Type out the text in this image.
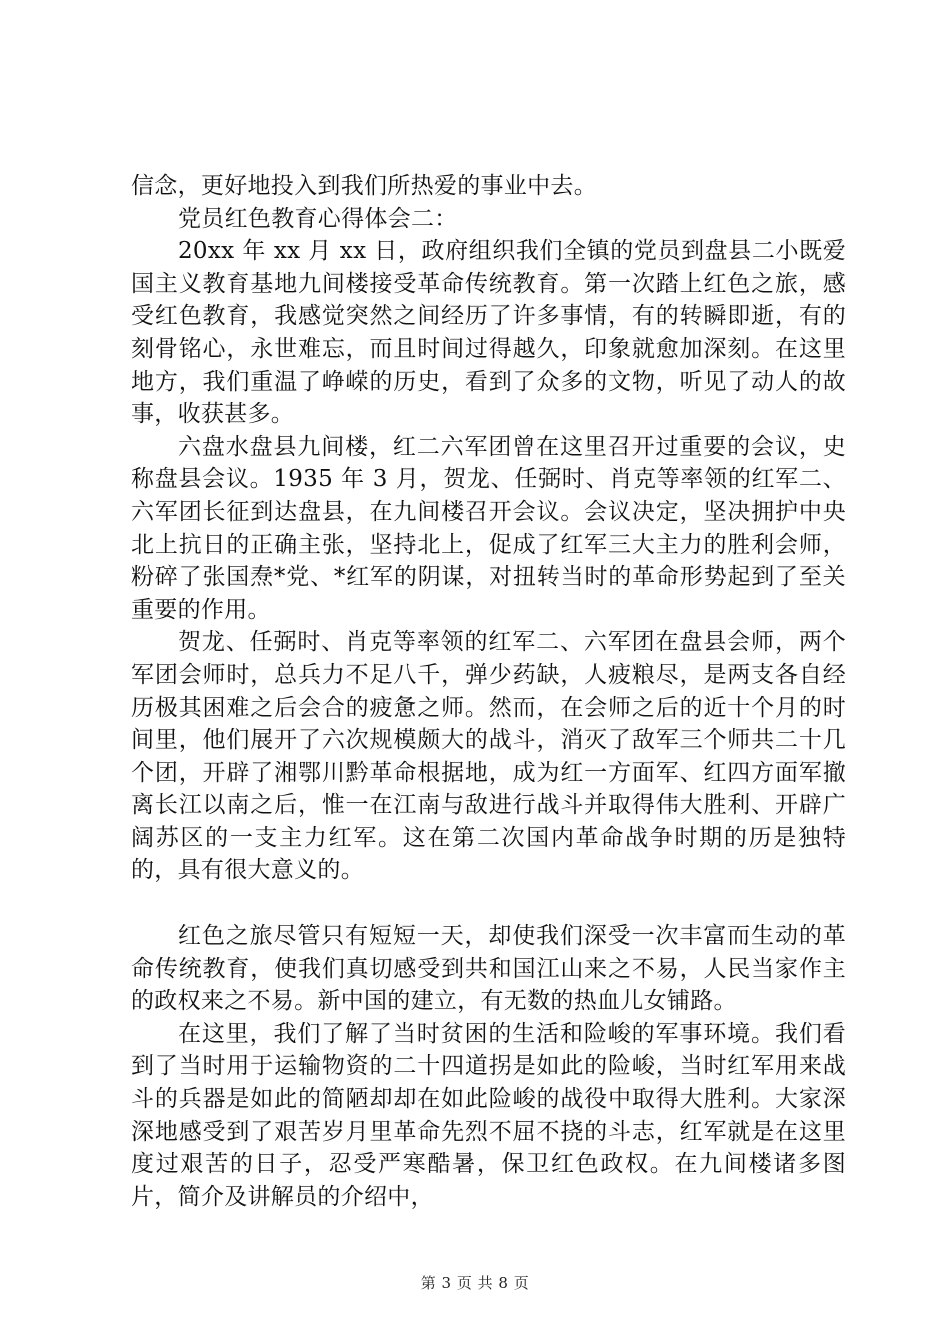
信念，更好地投入到我们所热爱的事业中去。

党员红色教育心得体会二：

20xx 年 xx 月 xx 日，政府组织我们全镇的党员到盘县二小既爱国主义教育基地九间楼接受革命传统教育。第一次踏上红色之旅，感受红色教育，我感觉突然之间经历了许多事情，有的转瞬即逝，有的刻骨铭心，永世难忘，而且时间过得越久，印象就愈加深刻。在这里地方，我们重温了峥嵘的历史，看到了众多的文物，听见了动人的故事，收获甚多。

六盘水盘县九间楼，红二六军团曾在这里召开过重要的会议，史称盘县会议。1935 年 3 月，贺龙、任弼时、肖克等率领的红军二、六军团长征到达盘县，在九间楼召开会议。会议决定，坚决拥护中央北上抗日的正确主张，坚持北上，促成了红军三大主力的胜利会师，粉碎了张国焘*党、*红军的阴谋，对扭转当时的革命形势起到了至关重要的作用。

贺龙、任弼时、肖克等率领的红军二、六军团在盘县会师，两个军团会师时，总兵力不足八千，弹少药缺，人疲粮尽，是两支各自经历极其困难之后会合的疲惫之师。然而，在会师之后的近十个月的时间里，他们展开了六次规模颇大的战斗，消灭了敌军三个师共二十几个团，开辟了湘鄂川黔革命根据地，成为红一方面军、红四方面军撤离长江以南之后，惟一在江南与敌进行战斗并取得伟大胜利、开辟广阔苏区的一支主力红军。这在第二次国内革命战争时期的历是独特的，具有很大意义的。

红色之旅尽管只有短短一天，却使我们深受一次丰富而生动的革命传统教育，使我们真切感受到共和国江山来之不易，人民当家作主的政权来之不易。新中国的建立，有无数的热血儿女铺路。

在这里，我们了解了当时贫困的生活和险峻的军事环境。我们看到了当时用于运输物资的二十四道拐是如此的险峻，当时红军用来战斗的兵器是如此的简陋却却在如此险峻的战役中取得大胜利。大家深深地感受到了艰苦岁月里革命先烈不屈不挠的斗志，红军就是在这里度过艰苦的日子，忍受严寒酷暑，保卫红色政权。在九间楼诸多图片，简介及讲解员的介绍中，

第 3 页 共 8 页
